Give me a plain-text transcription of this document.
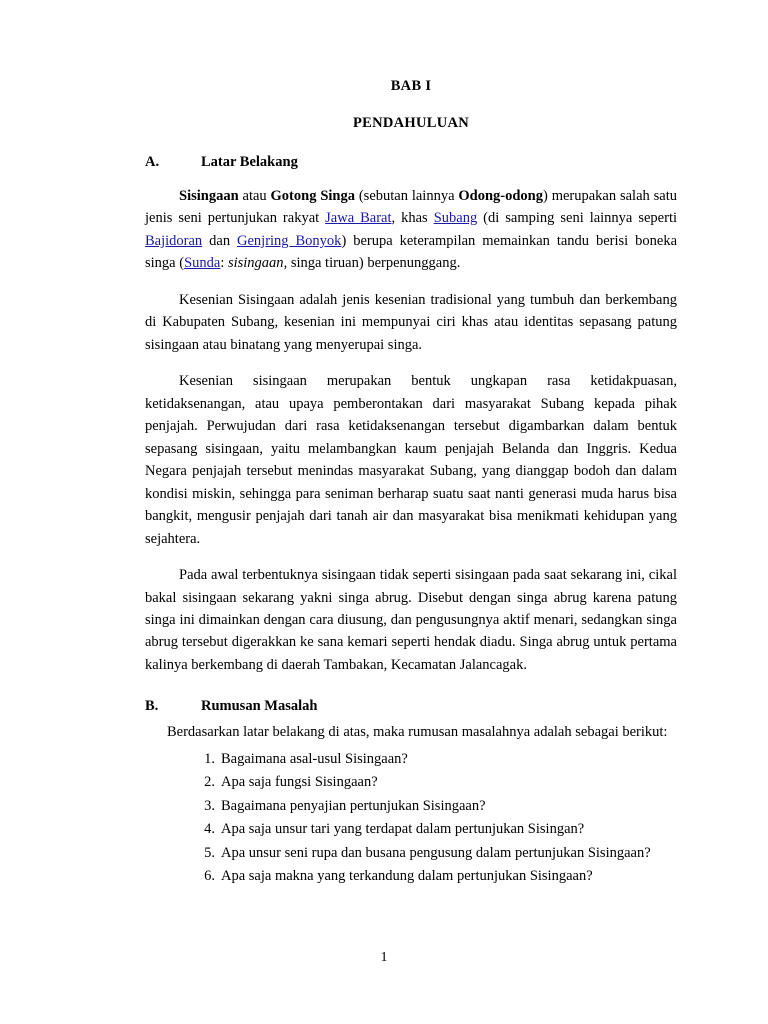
BAB I
PENDAHULUAN
A.	Latar Belakang

Sisingaan atau Gotong Singa (sebutan lainnya Odong-odong) merupakan salah satu jenis seni pertunjukan rakyat Jawa Barat, khas Subang (di samping seni lainnya seperti Bajidoran dan Genjring Bonyok) berupa keterampilan memainkan tandu berisi boneka singa (Sunda: sisingaan, singa tiruan) berpenunggang.

Kesenian Sisingaan adalah jenis kesenian tradisional yang tumbuh dan berkembang di Kabupaten Subang, kesenian ini mempunyai ciri khas atau identitas sepasang patung sisingaan atau binatang yang menyerupai singa.

Kesenian sisingaan merupakan bentuk ungkapan rasa ketidakpuasan, ketidaksenangan, atau upaya pemberontakan dari masyarakat Subang kepada pihak penjajah. Perwujudan dari rasa ketidaksenangan tersebut digambarkan dalam bentuk sepasang sisingaan, yaitu melambangkan kaum penjajah Belanda dan Inggris. Kedua Negara penjajah tersebut menindas masyarakat Subang, yang dianggap bodoh dan dalam kondisi miskin, sehingga para seniman berharap suatu saat nanti generasi muda harus bisa bangkit, mengusir penjajah dari tanah air dan masyarakat bisa menikmati kehidupan yang sejahtera.

Pada awal terbentuknya sisingaan tidak seperti sisingaan pada saat sekarang ini, cikal bakal sisingaan sekarang yakni singa abrug. Disebut dengan singa abrug karena patung singa ini dimainkan dengan cara diusung, dan pengusungnya aktif menari, sedangkan singa abrug tersebut digerakkan ke sana kemari seperti hendak diadu. Singa abrug untuk pertama kalinya berkembang di daerah Tambakan, Kecamatan Jalancagak.

B.	Rumusan Masalah

Berdasarkan latar belakang di atas, maka rumusan masalahnya adalah sebagai berikut:

Bagaimana asal-usul Sisingaan?
Apa saja fungsi Sisingaan?
Bagaimana penyajian pertunjukan Sisingaan?
Apa saja unsur tari yang terdapat dalam pertunjukan Sisingan?
Apa unsur seni rupa dan busana pengusung dalam pertunjukan Sisingaan?
Apa saja makna yang terkandung dalam pertunjukan Sisingaan?
1
